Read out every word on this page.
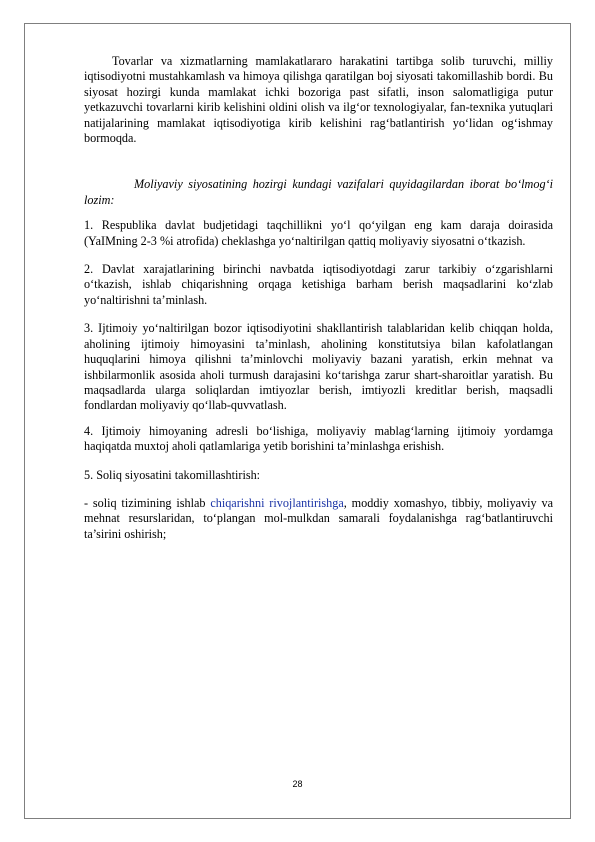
Tovarlar va xizmatlarning mamlakatlararo harakatini tartibga solib turuvchi, milliy iqtisodiyotni mustahkamlash va himoya qilishga qaratilgan boj siyosati takomillashib bordi. Bu siyosat hozirgi kunda mamlakat ichki bozoriga past sifatli, inson salomatligiga putur yetkazuvchi tovarlarni kirib kelishini oldini olish va ilg‘or texnologiyalar, fan-texnika yutuqlari natijalarining mamlakat iqtisodiyotiga kirib kelishini rag‘batlantirish yo‘lidan og‘ishmay bormoqda.

Moliyaviy siyosatining hozirgi kundagi vazifalari quyidagilardan iborat bo‘lmog‘i lozim:

1. Respublika davlat budjetidagi taqchillikni yo‘l qo‘yilgan eng kam daraja doirasida (YaIMning 2-3 %i atrofida) cheklashga yo‘naltirilgan qattiq moliyaviy siyosatni o‘tkazish.

2. Davlat xarajatlarining birinchi navbatda iqtisodiyotdagi zarur tarkibiy o‘zgarishlarni o‘tkazish, ishlab chiqarishning orqaga ketishiga barham berish maqsadlarini ko‘zlab yo‘naltirishni ta’minlash.

3. Ijtimoiy yo‘naltirilgan bozor iqtisodiyotini shakllantirish talablaridan kelib chiqqan holda, aholining ijtimoiy himoyasini ta’minlash, aholining konstitutsiya bilan kafolatlangan huquqlarini himoya qilishni ta’minlovchi moliyaviy bazani yaratish, erkin mehnat va ishbilarmonlik asosida aholi turmush darajasini ko‘tarishga zarur shart-sharoitlar yaratish. Bu maqsadlarda ularga soliqlardan imtiyozlar berish, imtiyozli kreditlar berish, maqsadli fondlardan moliyaviy qo‘llab-quvvatlash.

4. Ijtimoiy himoyaning adresli bo‘lishiga, moliyaviy mablag‘larning ijtimoiy yordamga haqiqatda muxtoj aholi qatlamlariga yetib borishini ta’minlashga erishish.

5. Soliq siyosatini takomillashtirish:

- soliq tizimining ishlab chiqarishni rivojlantirishga, moddiy xomashyo, tibbiy, moliyaviy va mehnat resurslaridan, to‘plangan mol-mulkdan samarali foydalanishga rag‘batlantiruvchi ta’sirini oshirish;

28
